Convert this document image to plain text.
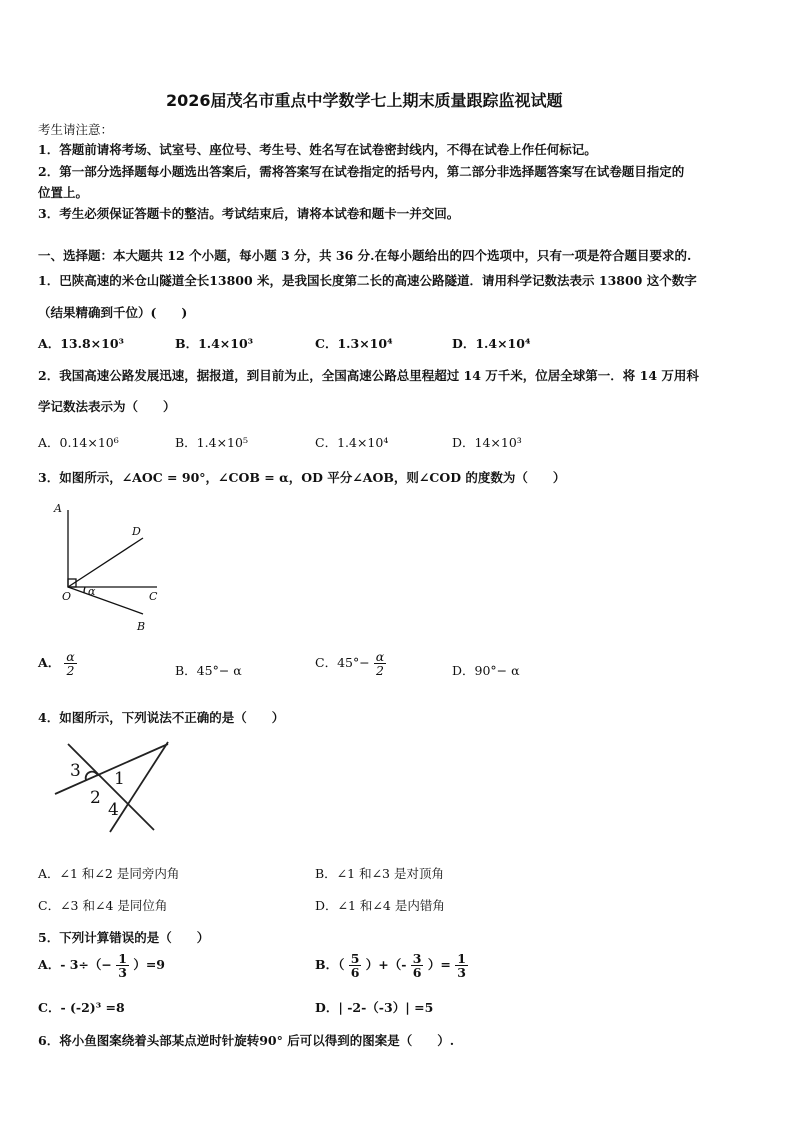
2026届茂名市重点中学数学七上期末质量跟踪监视试题
考生请注意：
1．答题前请将考场、试室号、座位号、考生号、姓名写在试卷密封线内，不得在试卷上作任何标记。
2．第一部分选择题每小题选出答案后，需将答案写在试卷指定的括号内，第二部分非选择题答案写在试卷题目指定的
位置上。
3．考生必须保证答题卡的整洁。考试结束后，请将本试卷和题卡一并交回。
一、选择题：本大题共 12 个小题，每小题 3 分，共 36 分.在每小题给出的四个选项中，只有一项是符合题目要求的.
1．巴陕高速的米仓山隧道全长13800 米，是我国长度第二长的高速公路隧道．请用科学记数法表示 13800 这个数字
（结果精确到千位）(　　)
A．13.8×10³	B．1.4×10³	C．1.3×10⁴	D．1.4×10⁴
2．我国高速公路发展迅速，据报道，到目前为止，全国高速公路总里程超过 14 万千米，位居全球第一．将 14 万用科
学记数法表示为（　　）
A．0.14×10⁶	B．1.4×10⁵	C．1.4×10⁴	D．14×10³
3．如图所示，∠AOC = 90°，∠COB = α，OD 平分∠AOB，则∠COD 的度数为（　　）
A
D
O α	C
B
A． $\frac{\alpha}{2}$	B．45°− α
C．$45^\circ- \frac{\alpha}{2}$	D．90°− α
4．如图所示，下列说法不正确的是（　　）
3
2
1
4
A．∠1 和∠2 是同旁内角	B．∠1 和∠3 是对顶角
C．∠3 和∠4 是同位角	D．∠1 和∠4 是内错角
5．下列计算错误的是（　　）
A．- $3\div(- \frac{1}{3} )=9$	B．（ $\frac{5}{6}$ ）+（- $\frac{3}{6}$ ）= $\frac{1}{3}$
C．- (-2)³ =8	D．| -2-（-3）| =5
6．将小鱼图案绕着头部某点逆时针旋转90° 后可以得到的图案是（　　）.
